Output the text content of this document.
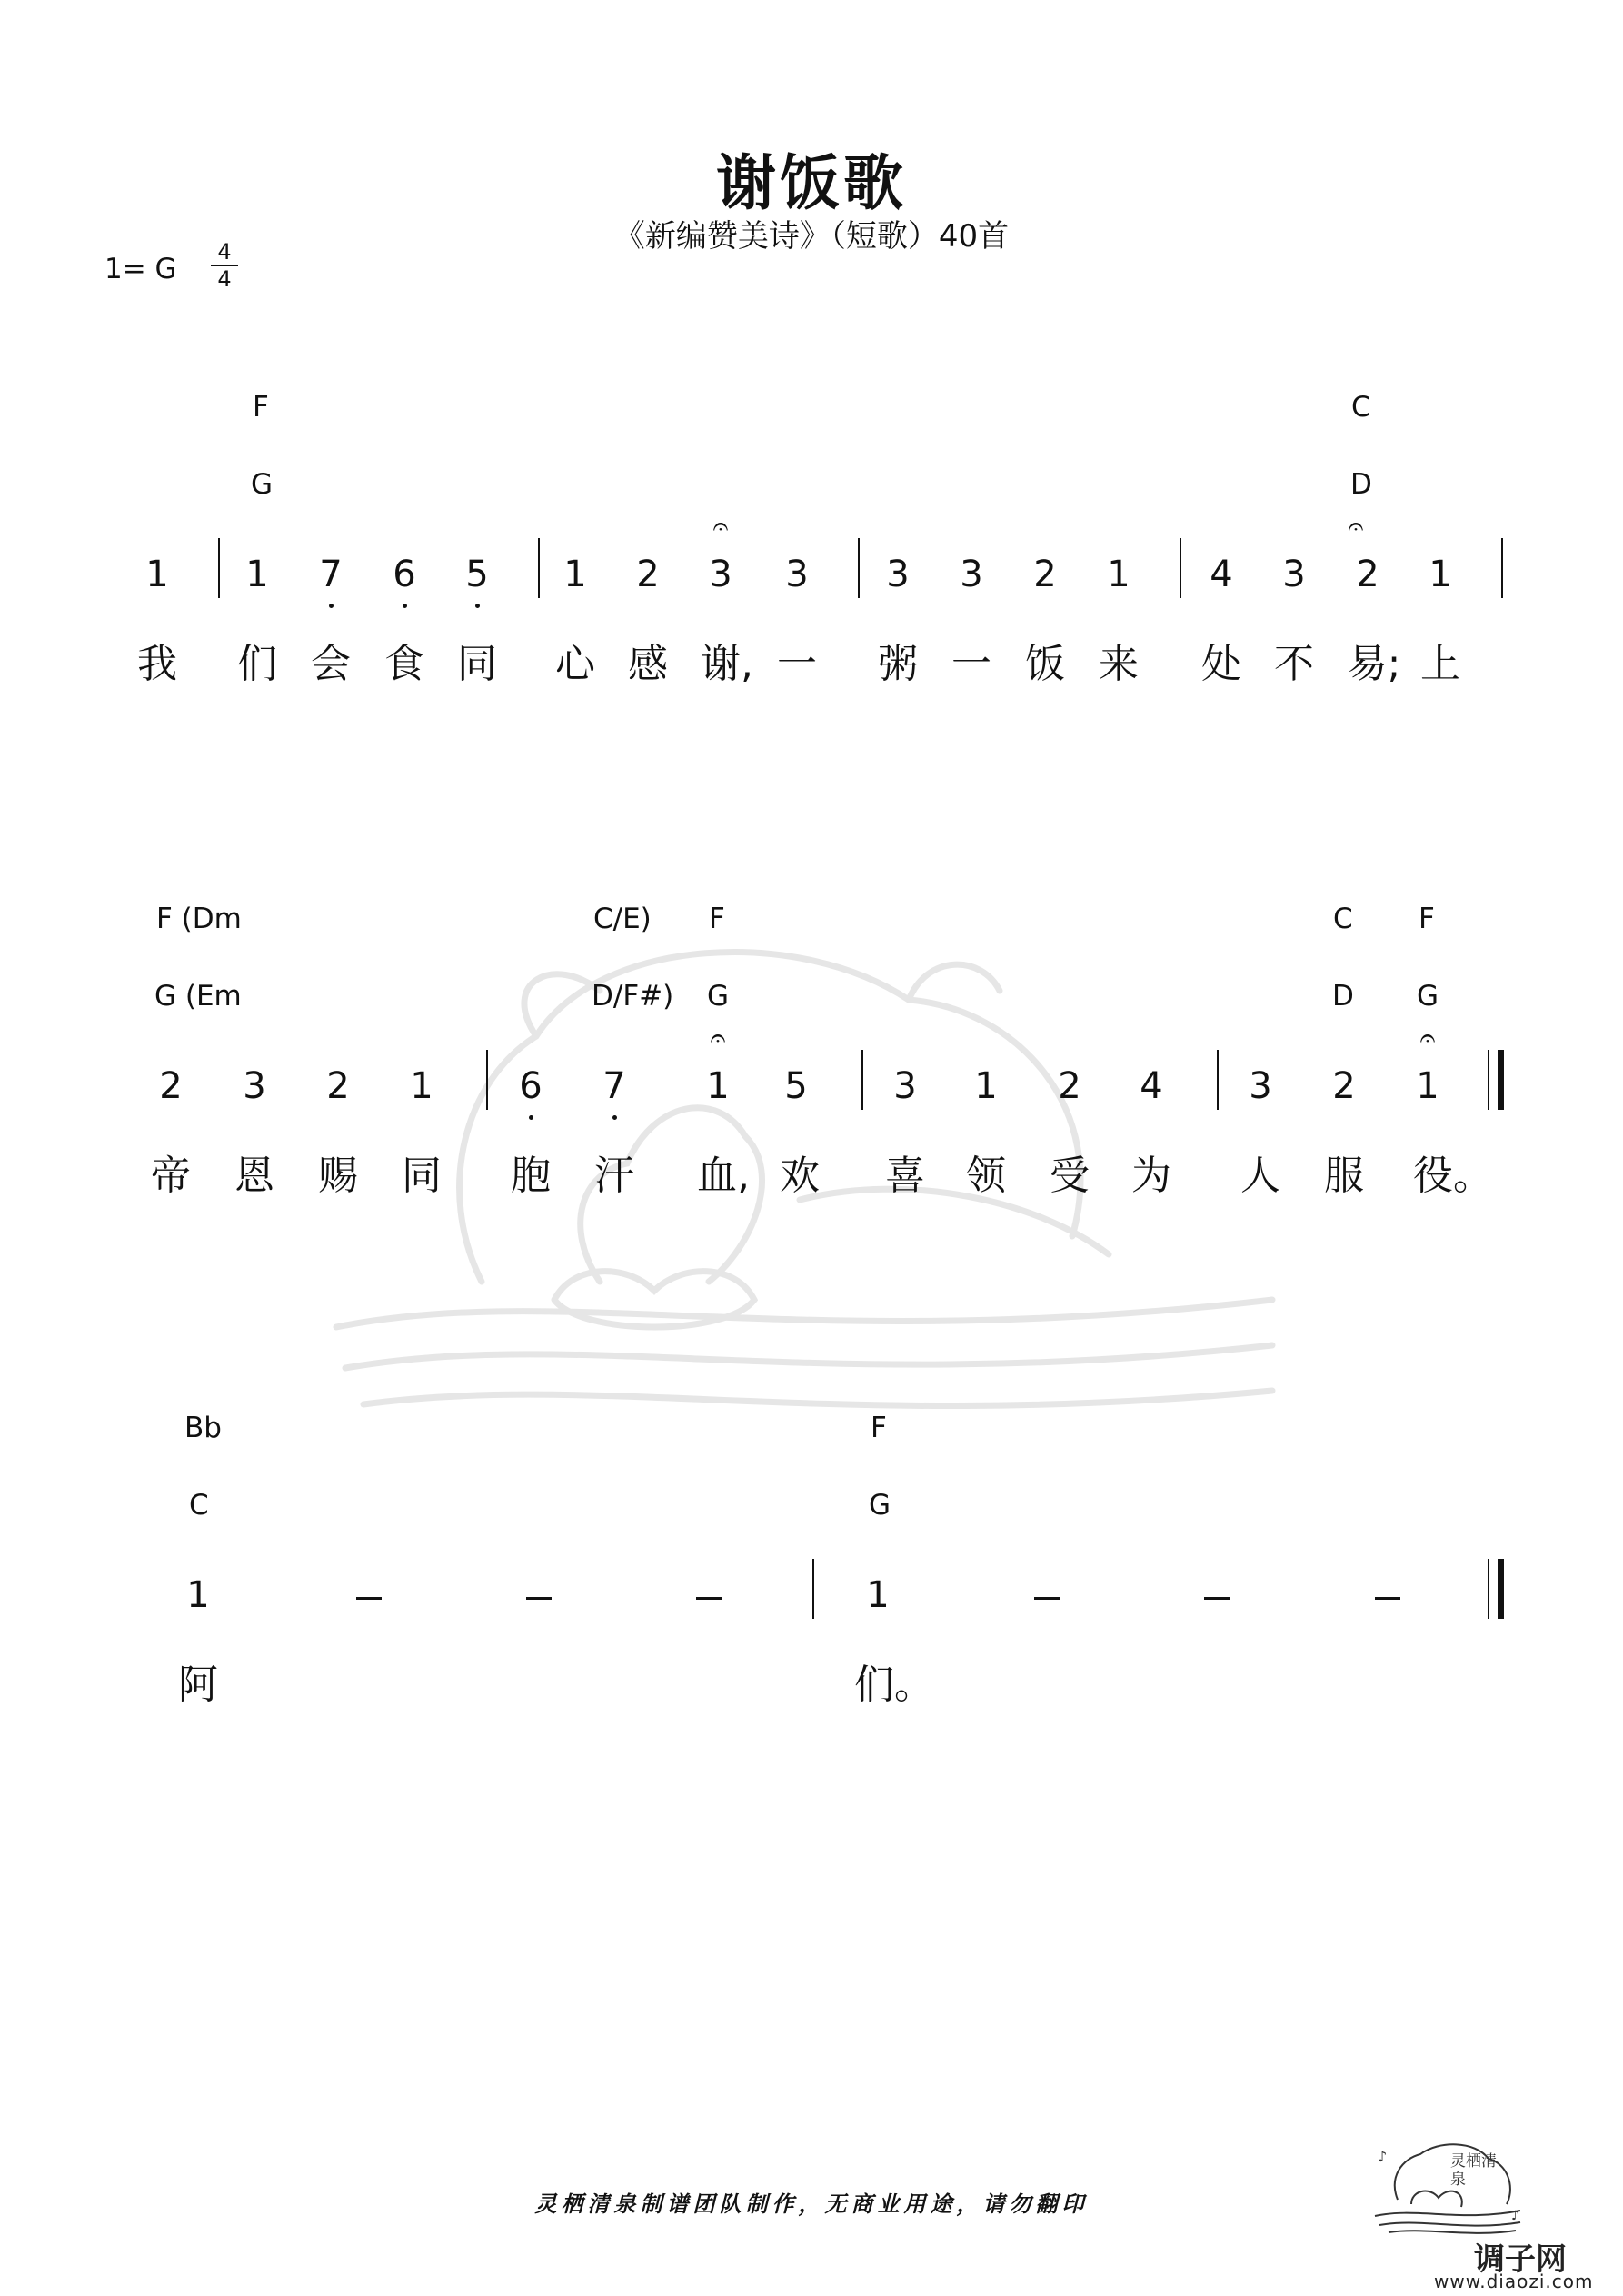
谢饭歌
《新编赞美诗》（短歌）40首
1= G
4
4
F
G
C
D
𝄐	𝄐
1 1 7 6 5 1 2 3 3 3 3 2 1 4 3 2 1
我 们 会 食 同 心 感 谢, 一 粥 一 饭 来 处 不 易; 上
F (Dm
G (Em
C/E)
D/F#)
F
G
C
D
F
G
𝄐	𝄐
2 3 2 1 6 7 1 5 3 1 2 4 3 2 1
帝 恩 赐 同 胞 汗 血, 欢 喜 领 受 为 人 服 役。
Bb
C
F
G
1	1
阿	们。
灵栖清泉制谱团队制作，无商业用途，请勿翻印
♪
♪
灵栖清泉
调子网
www.diaozi.com
